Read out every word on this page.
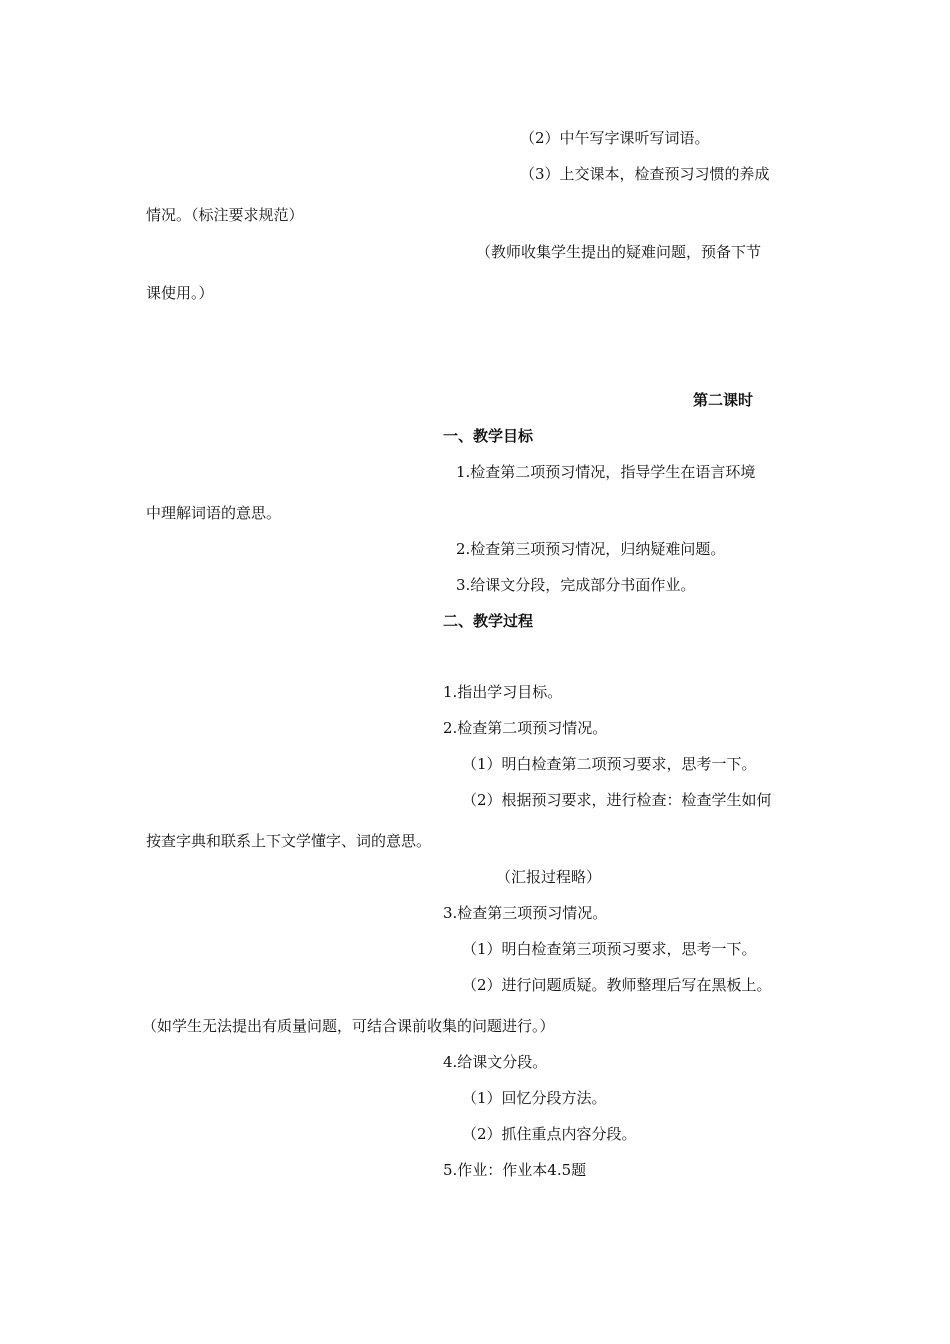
（2）中午写字课听写词语。
（3）上交课本，检查预习习惯的养成
情况。（标注要求规范）
（教师收集学生提出的疑难问题，预备下节
课使用。）
第二课时
一、教学目标
1.检查第二项预习情况，指导学生在语言环境
中理解词语的意思。
2.检查第三项预习情况，归纳疑难问题。
3.给课文分段，完成部分书面作业。
二、教学过程
1.指出学习目标。
2.检查第二项预习情况。
（1）明白检查第二项预习要求，思考一下。
（2）根据预习要求，进行检查：检查学生如何
按查字典和联系上下文学懂字、词的意思。
（汇报过程略）
3.检查第三项预习情况。
（1）明白检查第三项预习要求，思考一下。
（2）进行问题质疑。教师整理后写在黑板上。
（如学生无法提出有质量问题，可结合课前收集的问题进行。）
4.给课文分段。
（1）回忆分段方法。
（2）抓住重点内容分段。
5.作业：作业本4.5题
